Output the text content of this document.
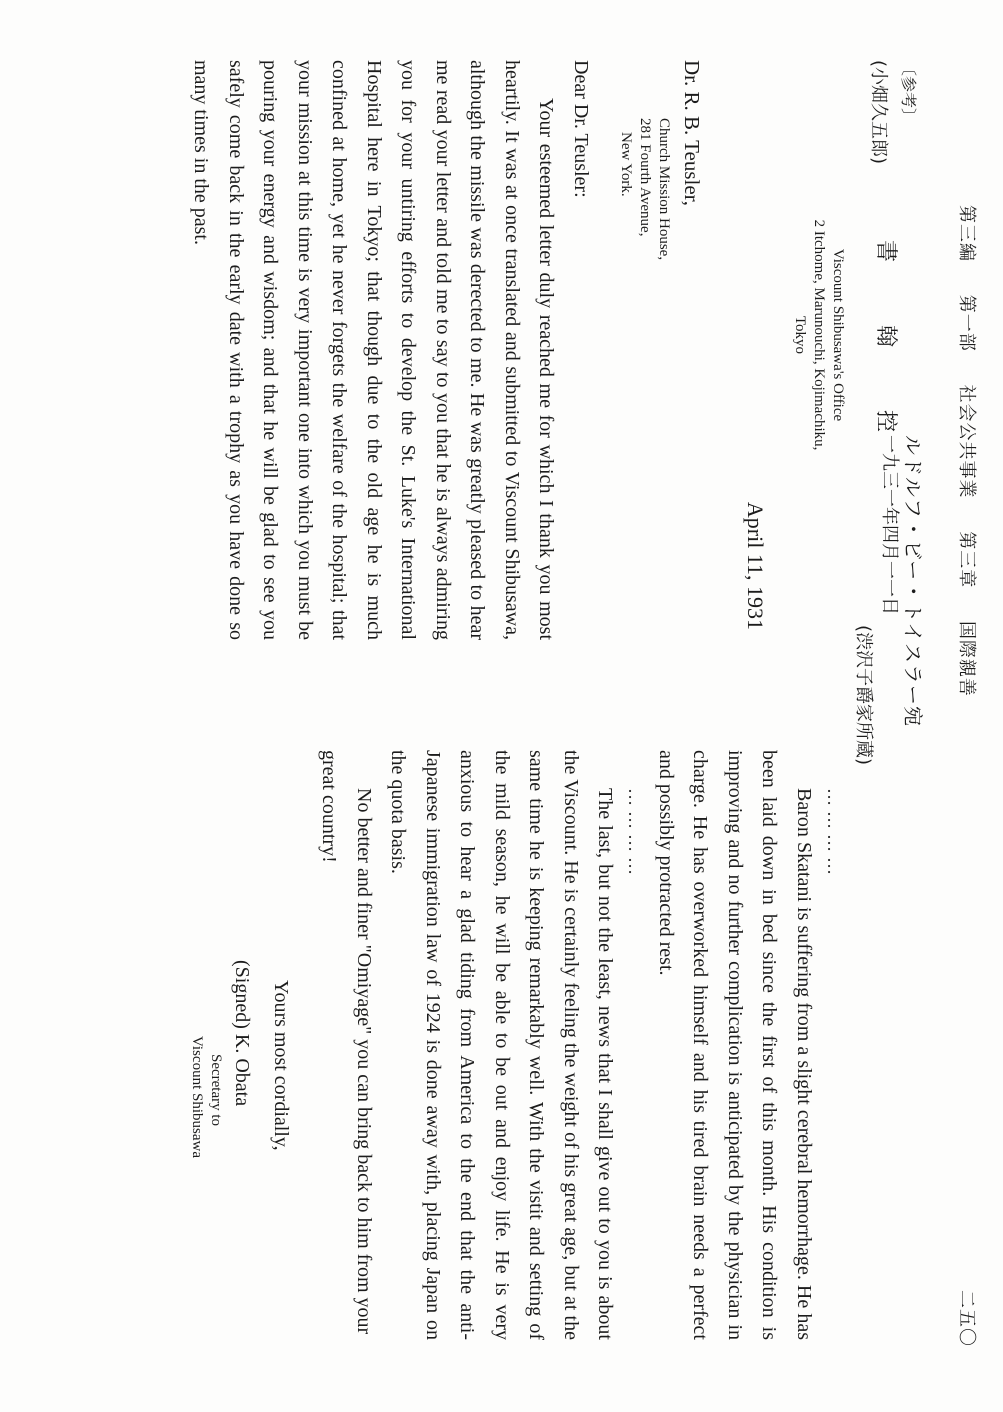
第三編 第一部 社会公共事業 第三章 国際親善
二五〇
〔参考〕
(小畑久五郎)
書 翰 控
ルドルフ・ビー・トイスラー宛
一九三一年四月一一日
(渋沢子爵家所蔵)
Viscount Shibusawa's Office
2 Itchome, Marunouchi, Kojimachiku,
Tokyo
April 11, 1931
Dr. R. B. Teusler,
Church Mission House,
281 Fourth Avenue,
New York.
Dear Dr. Teusler:

Your esteemed letter duly reached me for which I thank you most heartily. It was at once translated and submitted to Viscount Shibusawa, although the missile was derected to me. He was greatly pleased to hear me read your letter and told me to say to you that he is always admiring you for your untiring efforts to develop the St. Luke's International Hospital here in Tokyo; that though due to the old age he is much confined at home, yet he never forgets the welfare of the hospital; that your mission at this time is very important one into which you must be pouring your energy and wisdom; and that he will be glad to see you safely come back in the early date with a trophy as you have done so many times in the past.

…………

Baron Skatani is suffering from a slight cerebral hemorrhage. He has been laid down in bed since the first of this month. His condition is improving and no further complication is anticipated by the physician in charge. He has overworked himself and his tired brain needs a perfect and possibly protracted rest.

…………

The last, but not the least, news that I shall give out to you is about the Viscount. He is certainly feeling the weight of his great age, but at the same time he is keeping remarkably well. With the vistit and setting of the mild season, he will be able to be out and enjoy life. He is very anxious to hear a glad tiding from America to the end that the anti-Japanese immigration law of 1924 is done away with, placing Japan on the quota basis.

No better and finer "Omiyage" you can bring back to him from your great country!

Yours most cordially,
(Signed) K. Obata

Secretary to

Viscount Shibusawa
